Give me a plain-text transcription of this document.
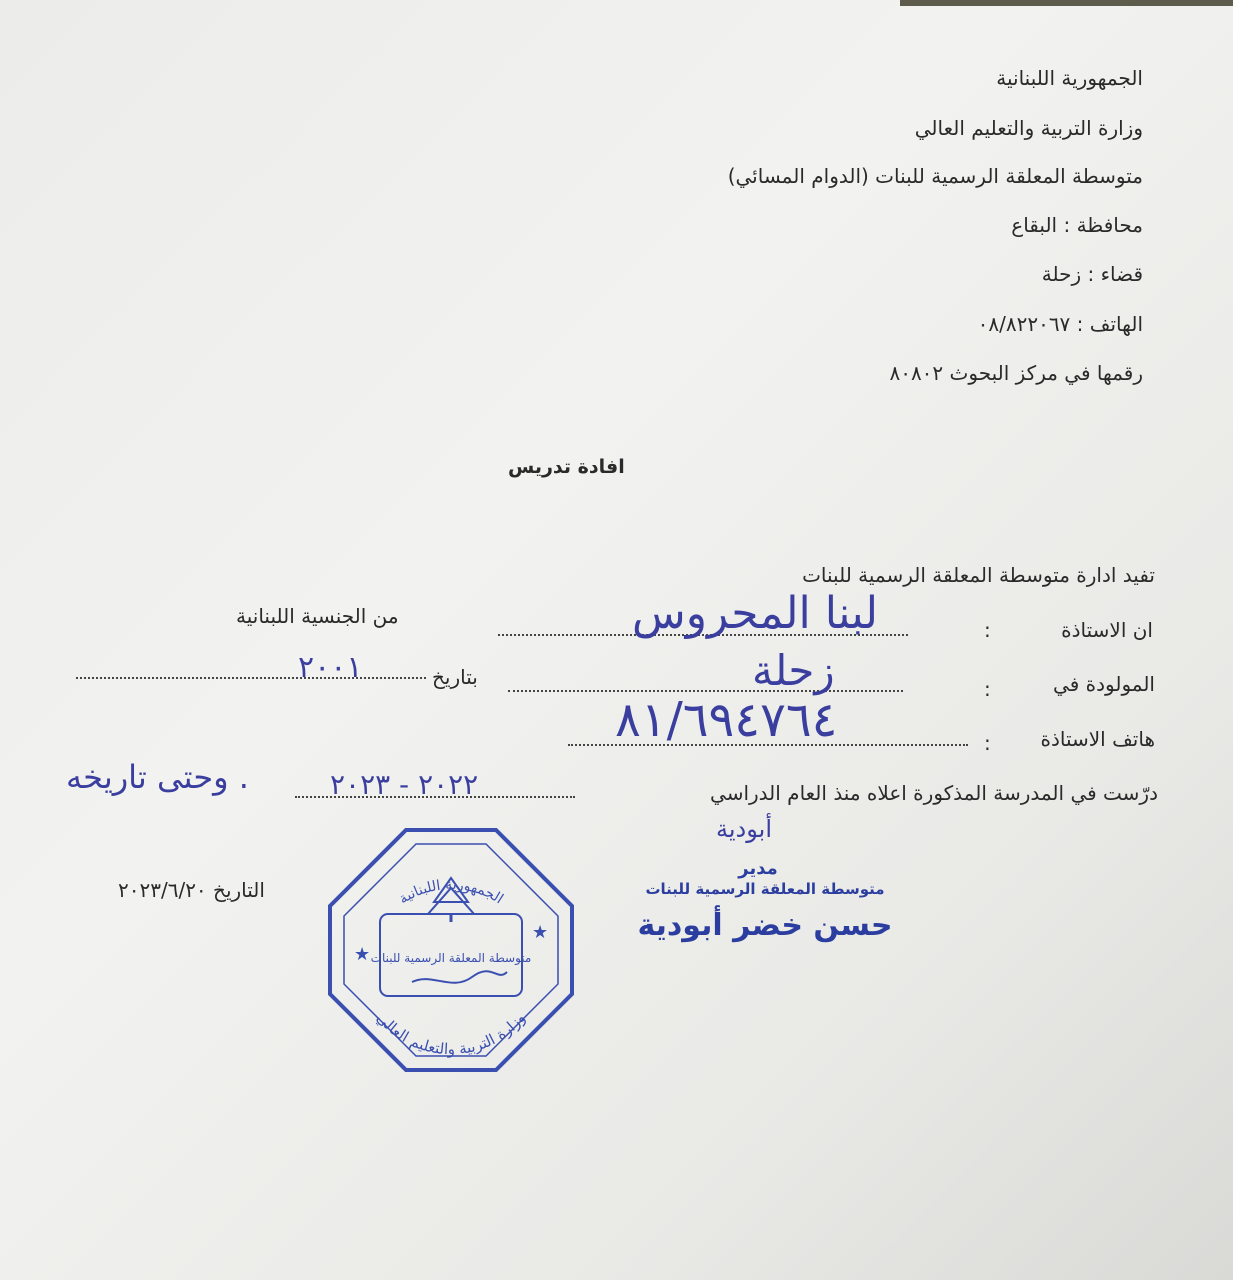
الجمهورية اللبنانية
وزارة التربية والتعليم العالي
متوسطة المعلقة الرسمية للبنات (الدوام المسائي)
محافظة : البقاع
قضاء : زحلة
الهاتف : ٠٨/٨٢٢٠٦٧
رقمها في مركز البحوث ٨٠٨٠٢
افادة تدريس
تفيد ادارة متوسطة المعلقة الرسمية للبنات
ان الاستاذة
:
لبنا المحروس
من الجنسية اللبنانية
المولودة في
:
زحلة
بتاريخ
٢٠٠١
هاتف الاستاذة
:
٨١/٦٩٤٧٦٤
درّست في المدرسة المذكورة اعلاه منذ العام الدراسي
٢٠٢٢ - ٢٠٢٣
وحتى تاريخه .
التاريخ ٢٠٢٣/٦/٢٠	الجمهورية اللبنانية
وزارة التربية والتعليم العالي
متوسطة المعلقة الرسمية للبنات
★
★
أبودية
مدير
متوسطة المعلقة الرسمية للبنات
حسن خضر أبودية
